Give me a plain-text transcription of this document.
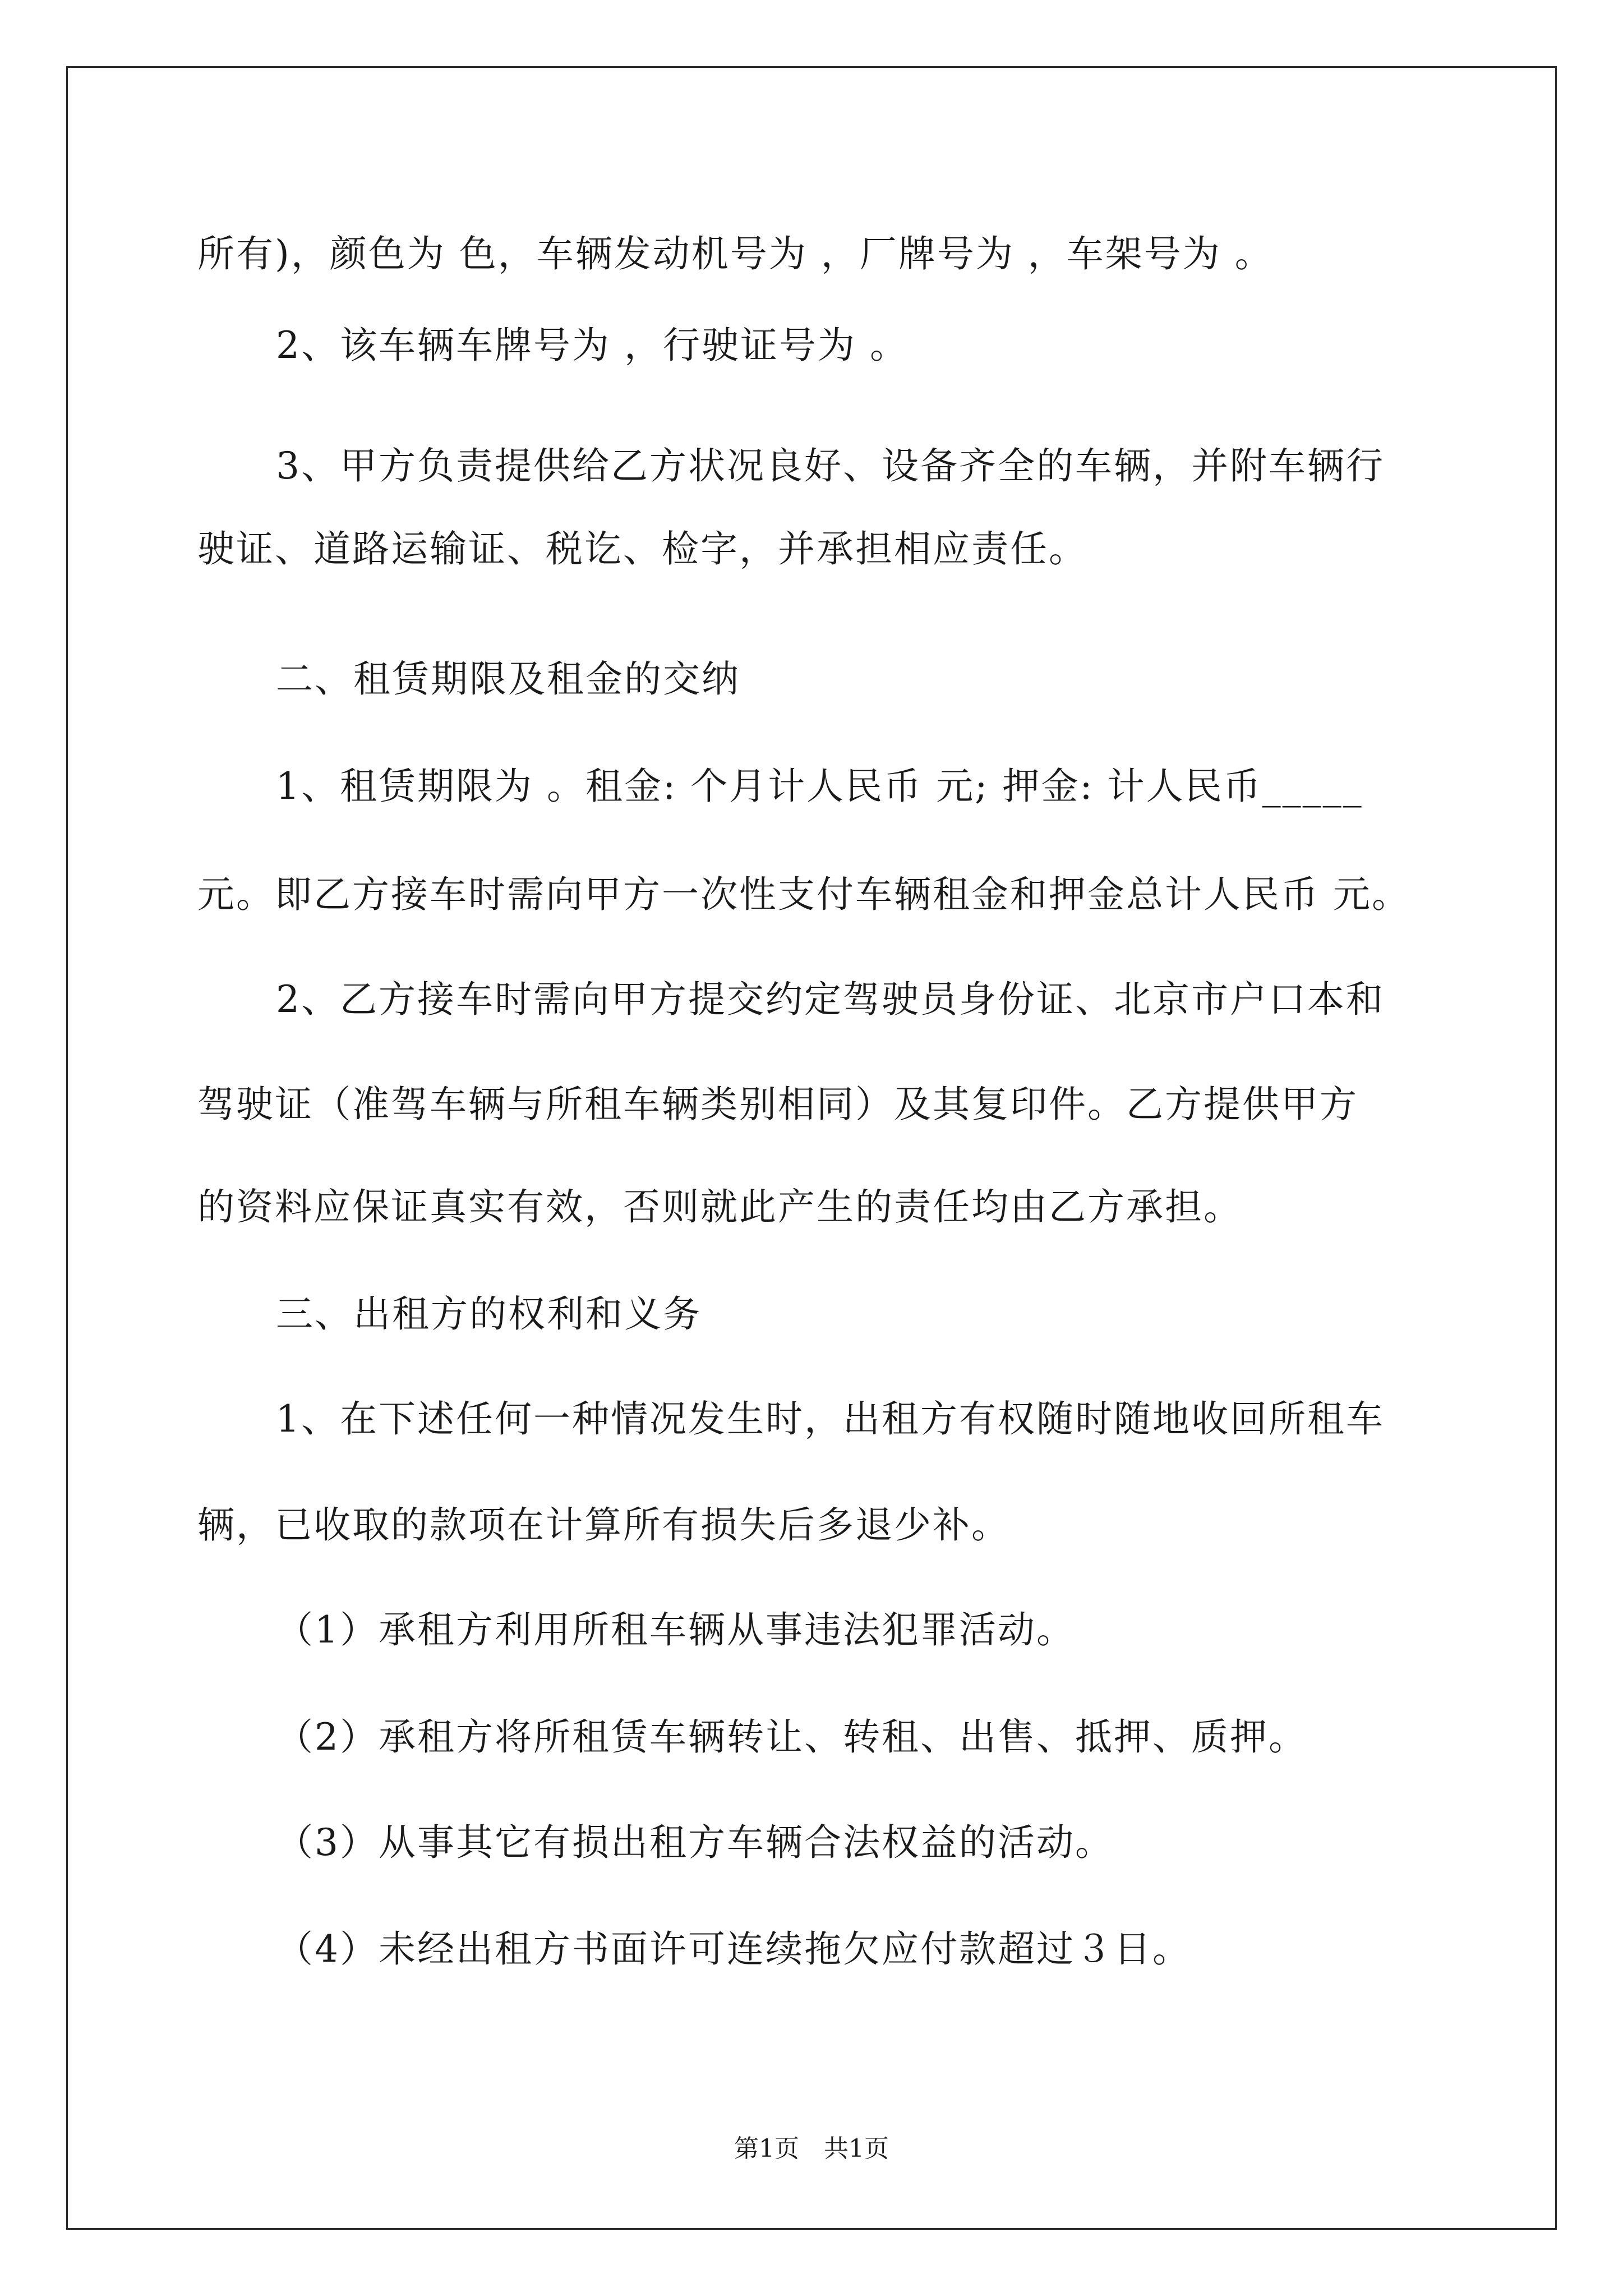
所有)，颜色为 色，车辆发动机号为 ，厂牌号为 ，车架号为 。
2、该车辆车牌号为 ，行驶证号为 。
3、甲方负责提供给乙方状况良好、设备齐全的车辆，并附车辆行
驶证、道路运输证、税讫、检字，并承担相应责任。
二、租赁期限及租金的交纳
1、租赁期限为 。租金: 个月计人民币 元; 押金: 计人民币_____
元。即乙方接车时需向甲方一次性支付车辆租金和押金总计人民币 元。
2、乙方接车时需向甲方提交约定驾驶员身份证、北京市户口本和
驾驶证（准驾车辆与所租车辆类别相同）及其复印件。乙方提供甲方
的资料应保证真实有效，否则就此产生的责任均由乙方承担。
三、出租方的权利和义务
1、在下述任何一种情况发生时，出租方有权随时随地收回所租车
辆，已收取的款项在计算所有损失后多退少补。
（1）承租方利用所租车辆从事违法犯罪活动。
（2）承租方将所租赁车辆转让、转租、出售、抵押、质押。
（3）从事其它有损出租方车辆合法权益的活动。
（4）未经出租方书面许可连续拖欠应付款超过３日。
第1页　共1页
